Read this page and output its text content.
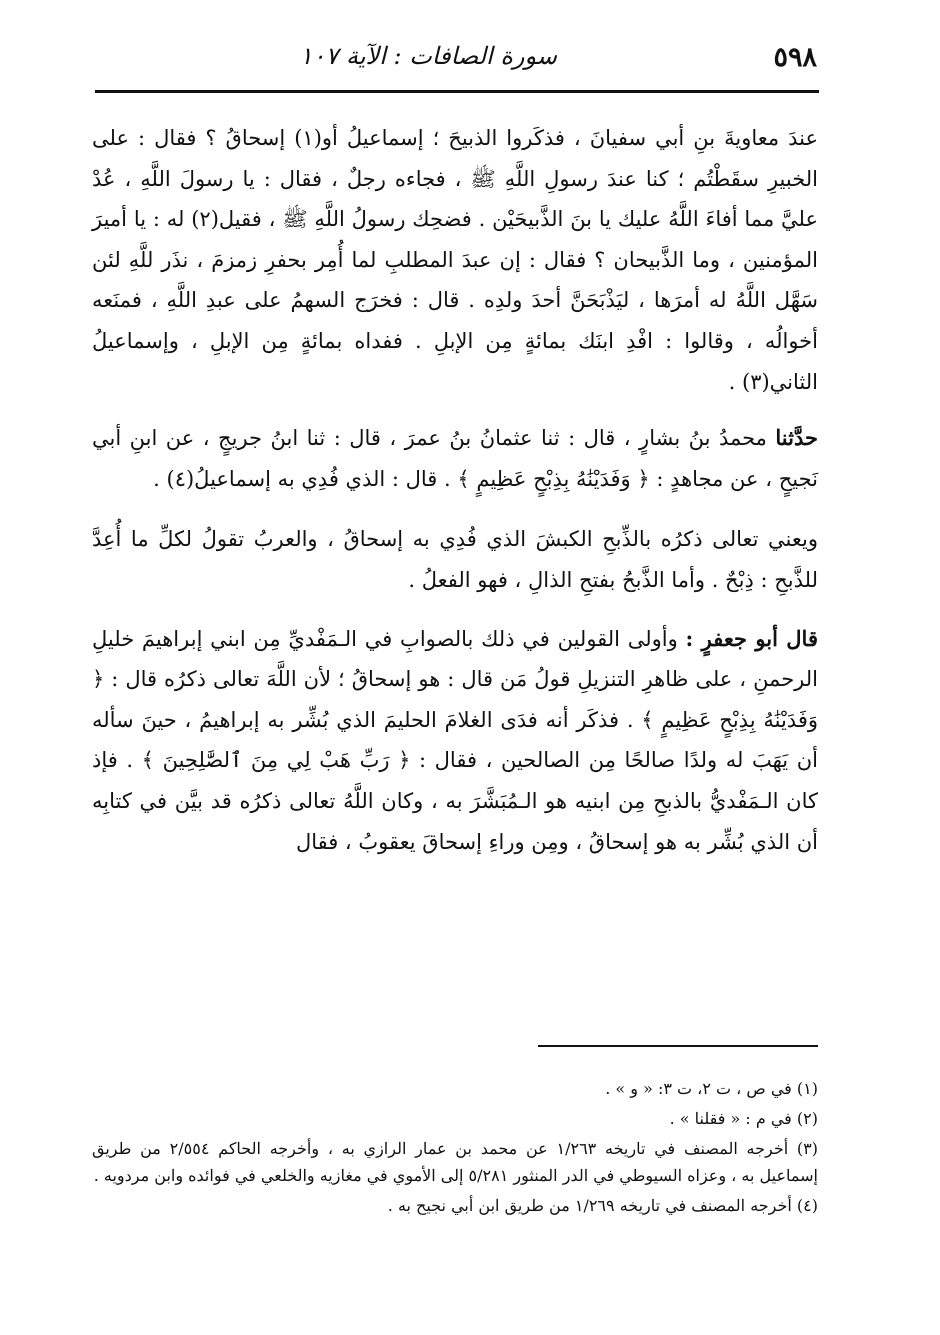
٥٩٨
سورة الصافات : الآية ١٠٧

عندَ معاويةَ بنِ أبي سفيانَ ، فذكَروا الذبيحَ ؛ إسماعيلُ أو(١) إسحاقُ ؟ فقال : على الخبيرِ سقَطْتُم ؛ كنا عندَ رسولِ اللَّهِ ﷺ ، فجاءه رجلٌ ، فقال : يا رسولَ اللَّهِ ، عُدْ عليَّ مما أفاءَ اللَّهُ عليك يا بنَ الذَّبيحَيْن . فضحِك رسولُ اللَّهِ ﷺ ، فقيل(٢) له : يا أميرَ المؤمنين ، وما الذَّبيحان ؟ فقال : إن عبدَ المطلبِ لما أُمِر بحفرِ زمزمَ ، نذَر للَّهِ لئن سَهَّل اللَّهُ له أمرَها ، ليَذْبَحَنَّ أحدَ ولدِه . قال : فخرَج السهمُ على عبدِ اللَّهِ ، فمنَعه أخوالُه ، وقالوا : افْدِ ابنَك بمائةٍ مِن الإبلِ . ففداه بمائةٍ مِن الإبلِ ، وإسماعيلُ الثاني(٣) .

حدَّثنا محمدُ بنُ بشارٍ ، قال : ثنا عثمانُ بنُ عمرَ ، قال : ثنا ابنُ جريجٍ ، عن ابنِ أبي نَجيحٍ ، عن مجاهدٍ : ﴿ وَفَدَيْنَٰهُ بِذِبْحٍ عَظِيمٍ ﴾ . قال : الذي فُدِي به إسماعيلُ(٤) .

ويعني تعالى ذكرُه بالذِّبحِ الكبشَ الذي فُدِي به إسحاقُ ، والعربُ تقولُ لكلِّ ما أُعِدَّ للذَّبحِ : ذِبْحٌ . وأما الذَّبحُ بفتحِ الذالِ ، فهو الفعلُ .

قال أبو جعفرٍ : وأولى القولين في ذلك بالصوابِ في الـمَفْديِّ مِن ابني إبراهيمَ خليلِ الرحمنِ ، على ظاهرِ التنزيلِ قولُ مَن قال : هو إسحاقُ ؛ لأن اللَّهَ تعالى ذكرُه قال : ﴿ وَفَدَيْنَٰهُ بِذِبْحٍ عَظِيمٍ ﴾ . فذكَر أنه فدَى الغلامَ الحليمَ الذي بُشِّر به إبراهيمُ ، حينَ سأله أن يَهَبَ له ولدًا صالحًا مِن الصالحين ، فقال : ﴿ رَبِّ هَبْ لِي مِنَ ٱلصَّٰلِحِينَ ﴾ . فإذ كان الـمَفْديُّ بالذبحِ مِن ابنيه هو الـمُبَشَّرَ به ، وكان اللَّهُ تعالى ذكرُه قد بيَّن في كتابِه أن الذي بُشِّر به هو إسحاقُ ، ومِن وراءِ إسحاقَ يعقوبُ ، فقال

(١) في ص ، ت ٢، ت ٣: « و » .

(٢) في م : « فقلنا » .

(٣) أخرجه المصنف في تاريخه ١/٢٦٣ عن محمد بن عمار الرازي به ، وأخرجه الحاكم ٢/٥٥٤ من طريق إسماعيل به ، وعزاه السيوطي في الدر المنثور ٥/٢٨١ إلى الأموي في مغازيه والخلعي في فوائده وابن مردويه .

(٤) أخرجه المصنف في تاريخه ١/٢٦٩ من طريق ابن أبي نجيح به .
